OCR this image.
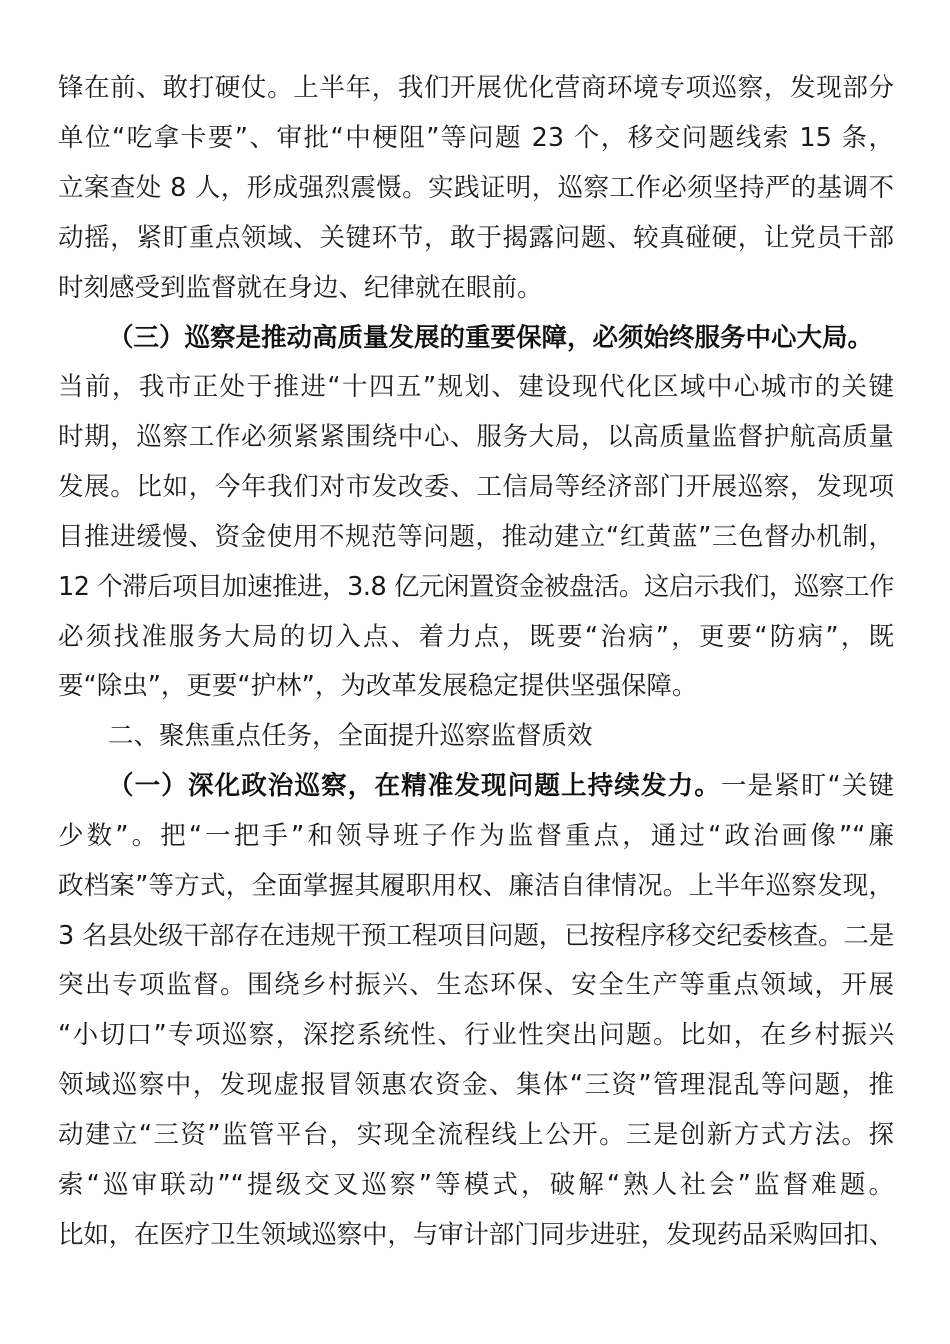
锋在前、敢打硬仗。上半年，我们开展优化营商环境专项巡察，发现部分
单位“吃拿卡要”、审批“中梗阻”等问题 23 个，移交问题线索 15 条，
立案查处 8 人，形成强烈震慑。实践证明，巡察工作必须坚持严的基调不
动摇，紧盯重点领域、关键环节，敢于揭露问题、较真碰硬，让党员干部
时刻感受到监督就在身边、纪律就在眼前。
（三）巡察是推动高质量发展的重要保障，必须始终服务中心大局。
当前，我市正处于推进“十四五”规划、建设现代化区域中心城市的关键
时期，巡察工作必须紧紧围绕中心、服务大局，以高质量监督护航高质量
发展。比如，今年我们对市发改委、工信局等经济部门开展巡察，发现项
目推进缓慢、资金使用不规范等问题，推动建立“红黄蓝”三色督办机制，
12 个滞后项目加速推进，3.8 亿元闲置资金被盘活。这启示我们，巡察工作
必须找准服务大局的切入点、着力点，既要“治病”，更要“防病”，既
要“除虫”，更要“护林”，为改革发展稳定提供坚强保障。
二、聚焦重点任务，全面提升巡察监督质效
（一）深化政治巡察，在精准发现问题上持续发力。一是紧盯“关键
少数”。把“一把手”和领导班子作为监督重点，通过“政治画像”“廉
政档案”等方式，全面掌握其履职用权、廉洁自律情况。上半年巡察发现，
3 名县处级干部存在违规干预工程项目问题，已按程序移交纪委核查。二是
突出专项监督。围绕乡村振兴、生态环保、安全生产等重点领域，开展
“小切口”专项巡察，深挖系统性、行业性突出问题。比如，在乡村振兴
领域巡察中，发现虚报冒领惠农资金、集体“三资”管理混乱等问题，推
动建立“三资”监管平台，实现全流程线上公开。三是创新方式方法。探
索“巡审联动”“提级交叉巡察”等模式，破解“熟人社会”监督难题。
比如，在医疗卫生领域巡察中，与审计部门同步进驻，发现药品采购回扣、
